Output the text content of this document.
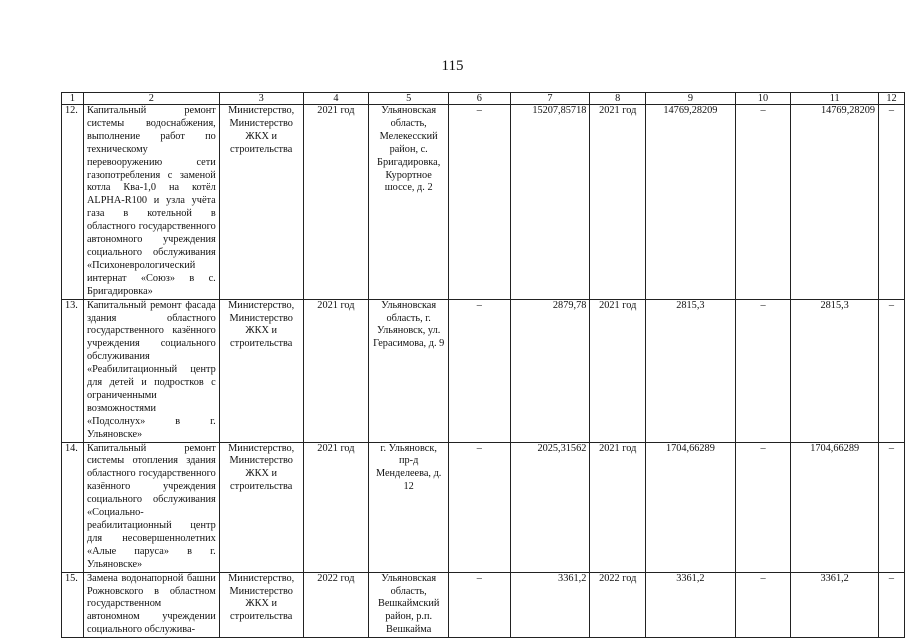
115
1	2	3	4	5	6	7	8	9	10	11	12
12.	Капитальный ремонт системы водоснабжения, выполнение работ по техническому перевооружению сети газопотребления с заменой котла Квa-1,0 на котёл ALPHA-R100 и узла учёта газа в котельной в областного государственного автономного учреждения социального обслуживания «Психоневрологический интернат «Союз» в с. Бригадировка»	Министерство, Министерство ЖКХ и строительства	2021 год	Ульяновская область, Мелекесский район, с. Бригадировка, Курортное шоссе, д. 2	–	15207,85718	2021 год	14769,28209	–	14769,28209	–
13.	Капитальный ремонт фасада здания областного государственного казённого учреждения социального обслуживания «Реабилитационный центр для детей и подростков с ограниченными возможностями «Подсолнух» в г. Ульяновске»	Министерство, Министерство ЖКХ и строительства	2021 год	Ульяновская область, г. Ульяновск, ул. Герасимова, д. 9	–	2879,78	2021 год	2815,3	–	2815,3	–
14.	Капитальный ремонт системы отопления здания областного государственного казённого учреждения социального обслуживания «Социально-реабилитационный центр для несовершеннолетних «Алые паруса» в г. Ульяновске»	Министерство, Министерство ЖКХ и строительства	2021 год	г. Ульяновск, пр-д Менделеева, д. 12	–	2025,31562	2021 год	1704,66289	–	1704,66289	–
15.	Замена водонапорной башни Рожновского в областном государственном автономном учреждении социального обслужива-	Министерство, Министерство ЖКХ и строительства	2022 год	Ульяновская область, Вешкаймский район, р.п. Вешкайма	–	3361,2	2022 год	3361,2	–	3361,2	–
